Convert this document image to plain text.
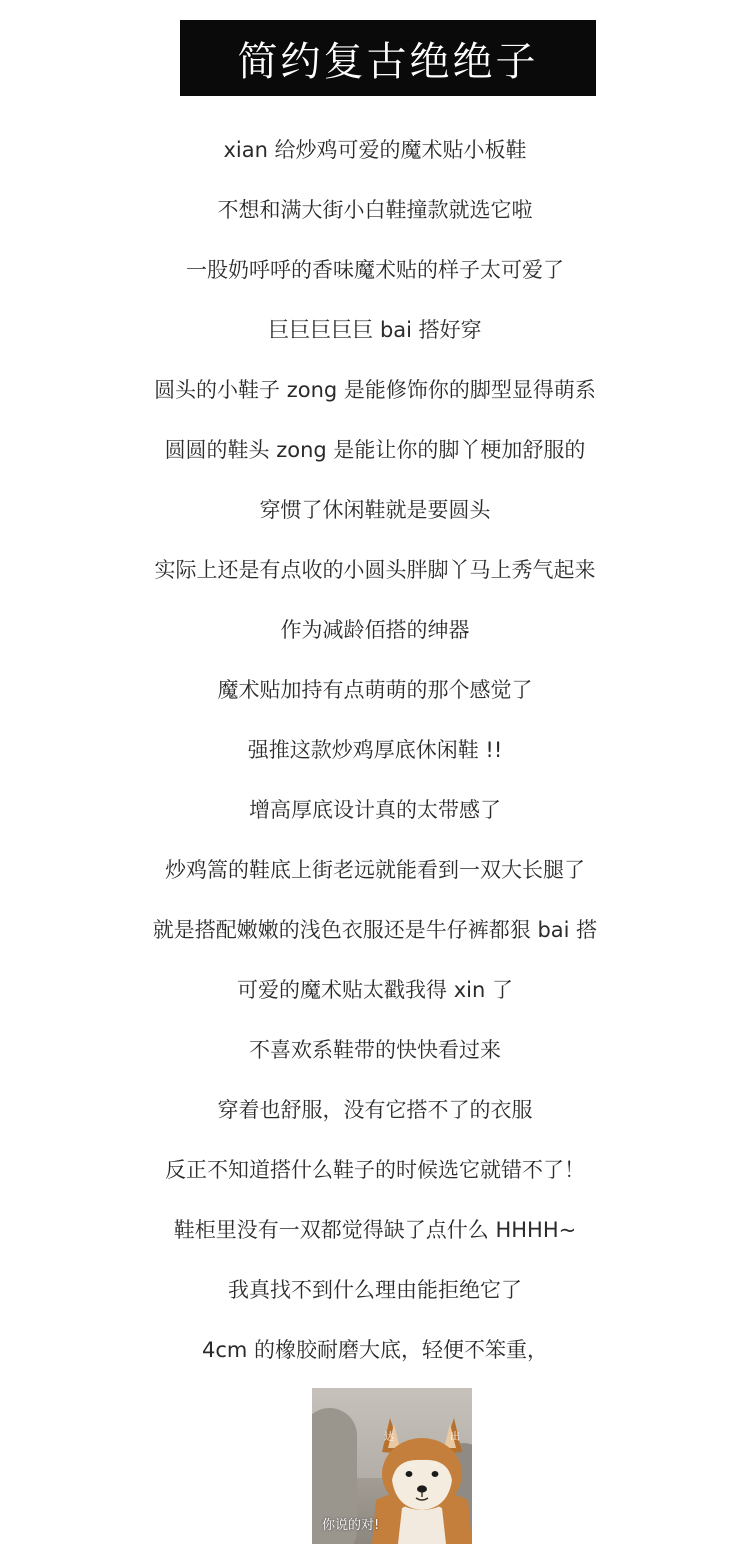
简约复古绝绝子
xian 给炒鸡可爱的魔术贴小板鞋
不想和满大街小白鞋撞款就选它啦
一股奶呼呼的香味魔术贴的样子太可爱了
巨巨巨巨巨 bai 搭好穿
圆头的小鞋子 zong 是能修饰你的脚型显得萌系
圆圆的鞋头 zong 是能让你的脚丫梗加舒服的
穿惯了休闲鞋就是要圆头
实际上还是有点收的小圆头胖脚丫马上秀气起来
作为减龄佰搭的绅器
魔术贴加持有点萌萌的那个感觉了
强推这款炒鸡厚底休闲鞋 !!
增高厚底设计真的太带感了
炒鸡篙的鞋底上街老远就能看到一双大长腿了
就是搭配嫩嫩的浅色衣服还是牛仔裤都狠 bai 搭
可爱的魔术贴太戳我得 xin 了
不喜欢系鞋带的快快看过来
穿着也舒服，没有它搭不了的衣服
反正不知道搭什么鞋子的时候选它就错不了！
鞋柜里没有一双都觉得缺了点什么 HHHH~
我真找不到什么理由能拒绝它了
4cm 的橡胶耐磨大底，轻便不笨重，
达	出
你说的对!
